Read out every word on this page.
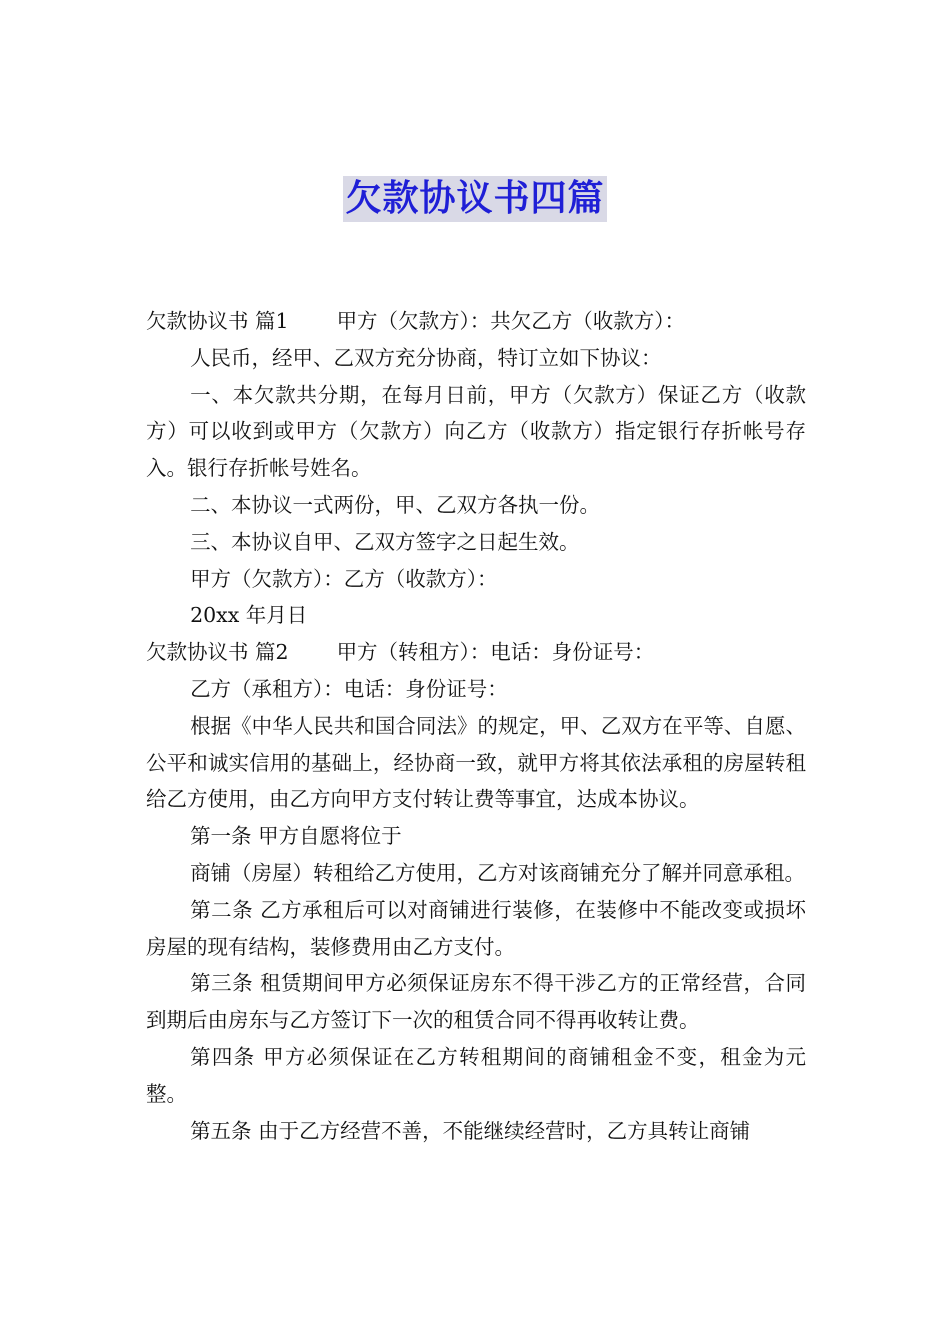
欠款协议书四篇

欠款协议书 篇1 甲方（欠款方）：共欠乙方（收款方）：

人民币，经甲、乙双方充分协商，特订立如下协议：

一、本欠款共分期，在每月日前，甲方（欠款方）保证乙方（收款方）可以收到或甲方（欠款方）向乙方（收款方）指定银行存折帐号存入。银行存折帐号姓名。

二、本协议一式两份，甲、乙双方各执一份。

三、本协议自甲、乙双方签字之日起生效。

甲方（欠款方）：乙方（收款方）：

20xx 年月日

欠款协议书 篇2 甲方（转租方）：电话：身份证号：

乙方（承租方）：电话：身份证号：

根据《中华人民共和国合同法》的规定，甲、乙双方在平等、自愿、公平和诚实信用的基础上，经协商一致，就甲方将其依法承租的房屋转租给乙方使用，由乙方向甲方支付转让费等事宜，达成本协议。

第一条 甲方自愿将位于

商铺（房屋）转租给乙方使用，乙方对该商铺充分了解并同意承租。

第二条 乙方承租后可以对商铺进行装修，在装修中不能改变或损坏房屋的现有结构，装修费用由乙方支付。

第三条 租赁期间甲方必须保证房东不得干涉乙方的正常经营，合同到期后由房东与乙方签订下一次的租赁合同不得再收转让费。

第四条 甲方必须保证在乙方转租期间的商铺租金不变，租金为元整。

第五条 由于乙方经营不善，不能继续经营时，乙方具转让商铺
